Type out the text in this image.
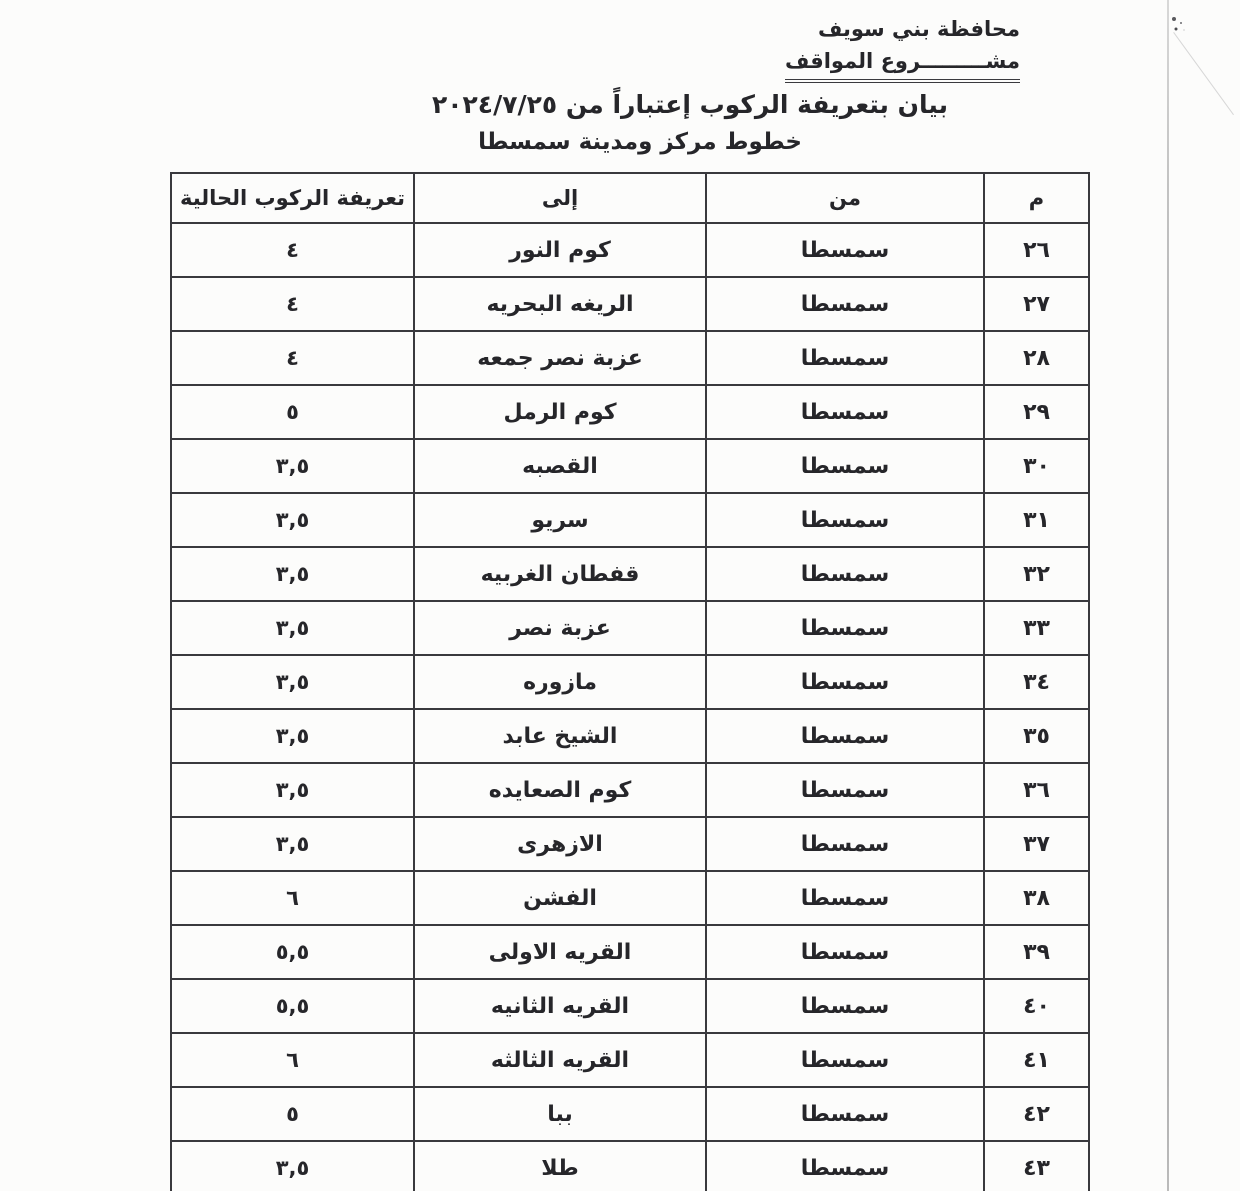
محافظة بني سويف
مشـــــــــروع المواقف
بيان بتعريفة الركوب إعتباراً من ٢٠٢٤/٧/٢٥
خطوط مركز ومدينة سمسطا
م	من	إلى	تعريفة الركوب الحالية
٢٦	سمسطا	كوم النور	٤
٢٧	سمسطا	الريغه البحريه	٤
٢٨	سمسطا	عزبة نصر جمعه	٤
٢٩	سمسطا	كوم الرمل	٥
٣٠	سمسطا	القصبه	٣,٥
٣١	سمسطا	سريو	٣,٥
٣٢	سمسطا	قفطان الغربيه	٣,٥
٣٣	سمسطا	عزبة نصر	٣,٥
٣٤	سمسطا	مازوره	٣,٥
٣٥	سمسطا	الشيخ عابد	٣,٥
٣٦	سمسطا	كوم الصعايده	٣,٥
٣٧	سمسطا	الازهرى	٣,٥
٣٨	سمسطا	الفشن	٦
٣٩	سمسطا	القريه الاولى	٥,٥
٤٠	سمسطا	القريه الثانيه	٥,٥
٤١	سمسطا	القريه الثالثه	٦
٤٢	سمسطا	ببا	٥
٤٣	سمسطا	طلا	٣,٥
